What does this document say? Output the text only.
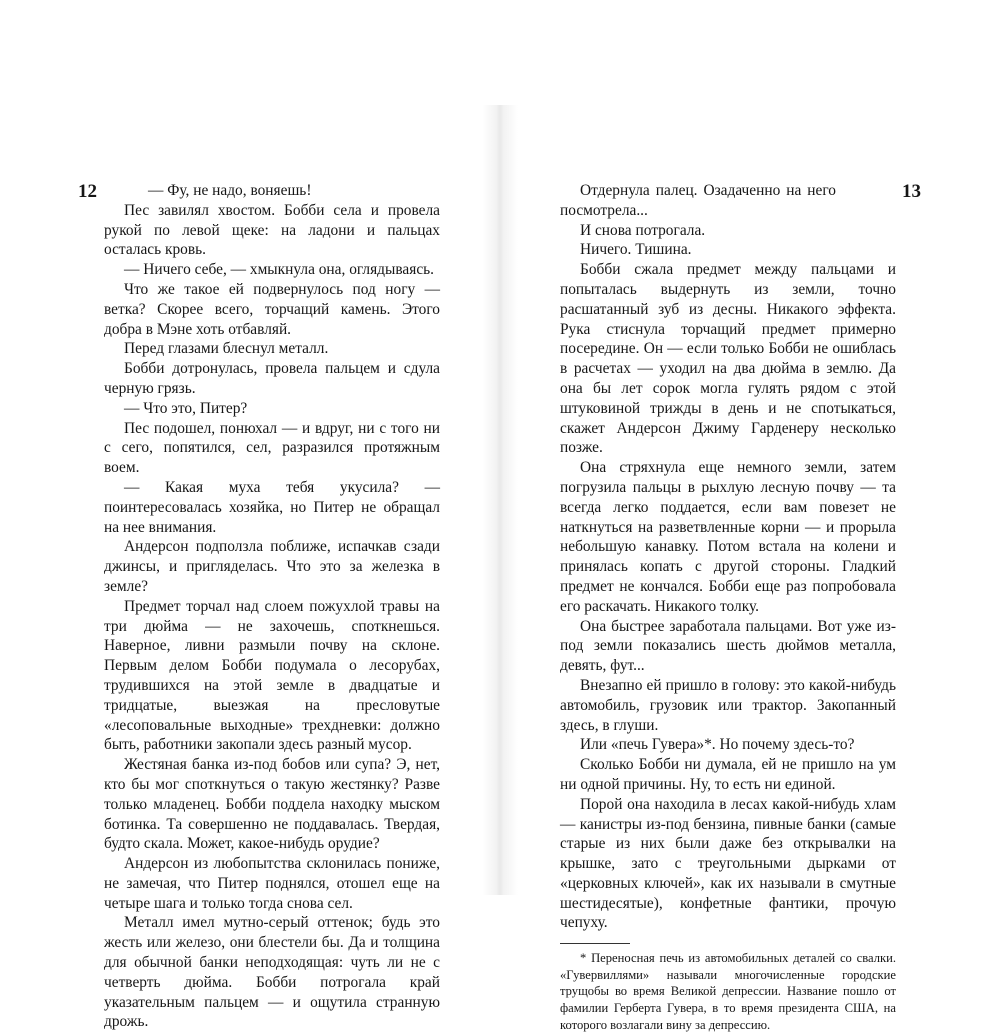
12	— Фу, не надо, воняешь!

Пес завилял хвостом. Бобби села и провела рукой по левой щеке: на ладони и пальцах осталась кровь.

— Ничего себе, — хмыкнула она, оглядываясь.

Что же такое ей подвернулось под ногу — ветка? Скорее всего, торчащий камень. Этого добра в Мэне хоть отбавляй.

Перед глазами блеснул металл.

Бобби дотронулась, провела пальцем и сдула черную грязь.

— Что это, Питер?

Пес подошел, понюхал — и вдруг, ни с того ни с сего, попятился, сел, разразился протяжным воем.

— Какая муха тебя укусила? — поинтересовалась хозяйка, но Питер не обращал на нее внимания.

Андерсон подползла поближе, испачкав сзади джинсы, и пригляделась. Что это за железка в земле?

Предмет торчал над слоем пожухлой травы на три дюйма — не захочешь, споткнешься. Наверное, ливни размыли почву на склоне. Первым делом Бобби подумала о лесорубах, трудившихся на этой земле в двадцатые и тридцатые, выезжая на пресловутые «лесоповальные выходные» трехдневки: должно быть, работники закопали здесь разный мусор.

Жестяная банка из-под бобов или супа? Э, нет, кто бы мог споткнуться о такую жестянку? Разве только младенец. Бобби поддела находку мыском ботинка. Та совершенно не поддавалась. Твердая, будто скала. Может, какое-нибудь орудие?

Андерсон из любопытства склонилась пониже, не замечая, что Питер поднялся, отошел еще на четыре шага и только тогда снова сел.

Металл имел мутно-серый оттенок; будь это жесть или железо, они блестели бы. Да и толщина для обычной банки неподходящая: чуть ли не с четверть дюйма. Бобби потрогала край указательным пальцем — и ощутила странную дрожь.

13

Отдернула палец. Озадаченно на него посмотрела...

И снова потрогала.

Ничего. Тишина.

Бобби сжала предмет между пальцами и попыталась выдернуть из земли, точно расшатанный зуб из десны. Никакого эффекта. Рука стиснула торчащий предмет примерно посередине. Он — если только Бобби не ошиблась в расчетах — уходил на два дюйма в землю. Да она бы лет сорок могла гулять рядом с этой штуковиной трижды в день и не спотыкаться, скажет Андерсон Джиму Гарденеру несколько позже.

Она стряхнула еще немного земли, затем погрузила пальцы в рыхлую лесную почву — та всегда легко поддается, если вам повезет не наткнуться на разветвленные корни — и прорыла небольшую канавку. Потом встала на колени и принялась копать с другой стороны. Гладкий предмет не кончался. Бобби еще раз попробовала его раскачать. Никакого толку.

Она быстрее заработала пальцами. Вот уже из-под земли показались шесть дюймов металла, девять, фут...

Внезапно ей пришло в голову: это какой-нибудь автомобиль, грузовик или трактор. Закопанный здесь, в глуши.

Или «печь Гувера»*. Но почему здесь-то?

Сколько Бобби ни думала, ей не пришло на ум ни одной причины. Ну, то есть ни единой.

Порой она находила в лесах какой-нибудь хлам — канистры из-под бензина, пивные банки (самые старые из них были даже без открывалки на крышке, зато с треугольными дырками от «церковных ключей», как их называли в смутные шестидесятые), конфетные фантики, прочую чепуху.

* Переносная печь из автомобильных деталей со свалки. «Гувервиллями» называли многочисленные городские трущобы во время Великой депрессии. Название пошло от фамилии Герберта Гувера, в то время президента США, на которого возлагали вину за депрессию.
